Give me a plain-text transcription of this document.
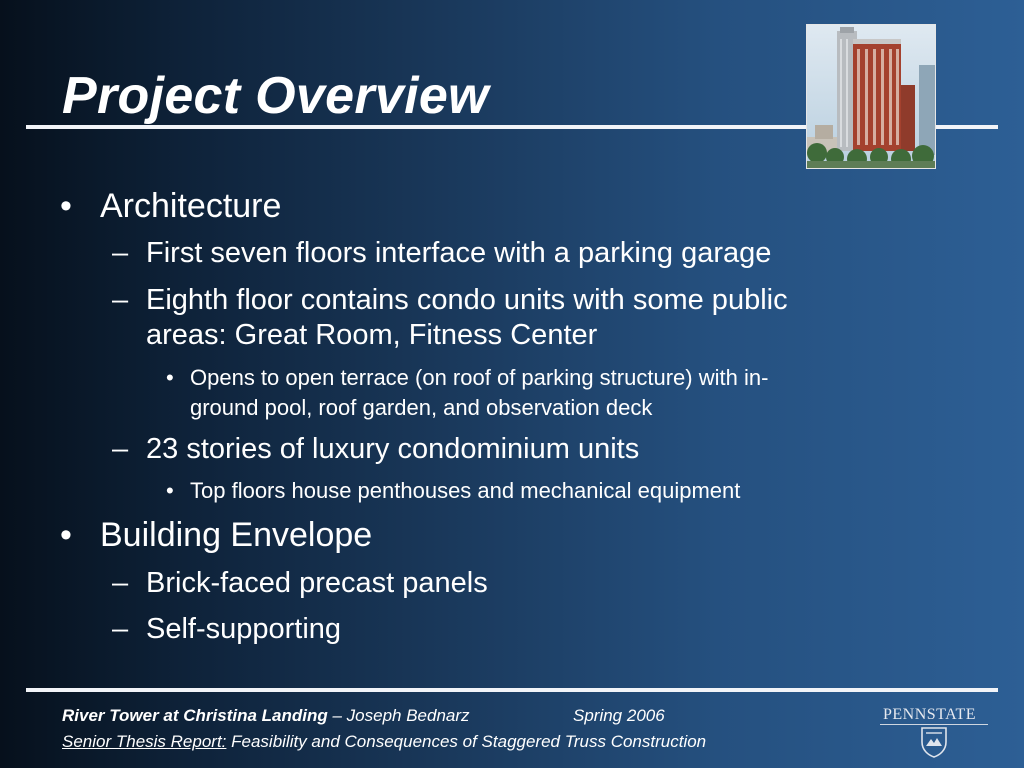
Project Overview
• Architecture
– First seven floors interface with a parking garage
– Eighth floor contains condo units with some public
areas: Great Room, Fitness Center
• Opens to open terrace (on roof of parking structure) with in-
ground pool, roof garden, and observation deck
– 23 stories of luxury condominium units
• Top floors house penthouses and mechanical equipment
• Building Envelope
– Brick-faced precast panels
– Self-supporting
River Tower at Christina Landing – Joseph Bednarz	Spring 2006
Senior Thesis Report: Feasibility and Consequences of Staggered Truss Construction
PENNSTATE
